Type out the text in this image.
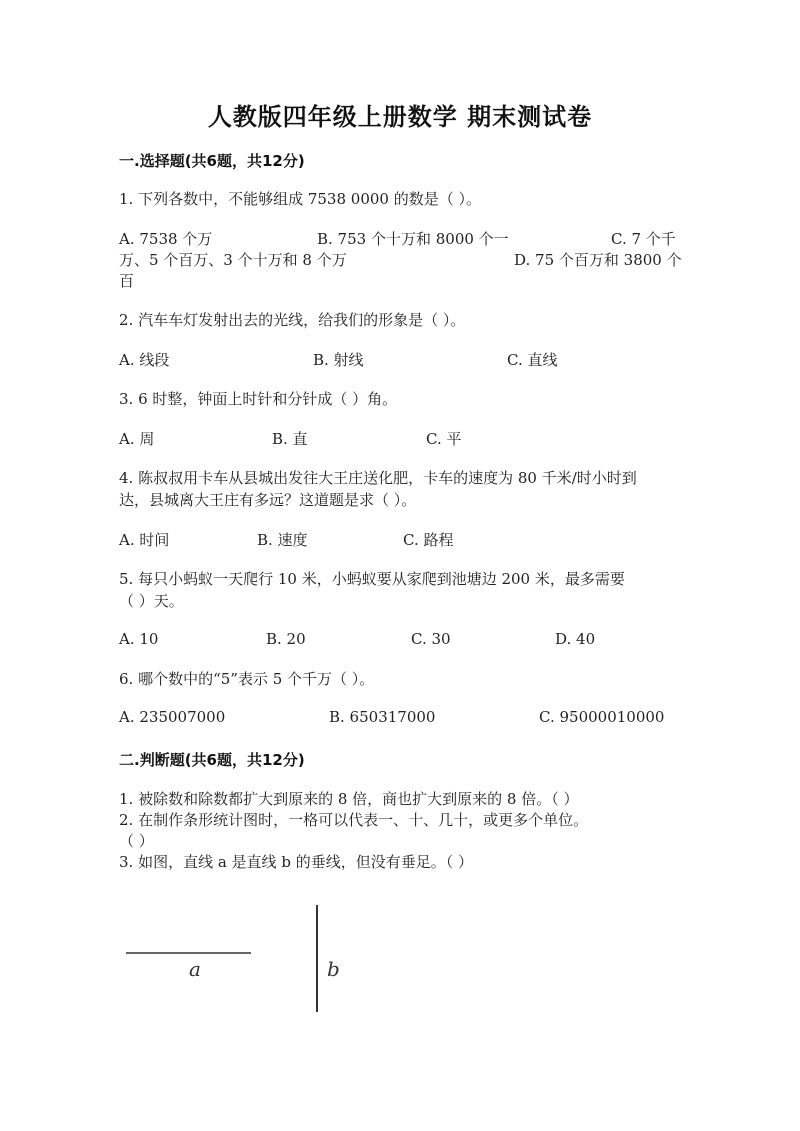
人教版四年级上册数学 期末测试卷
一.选择题(共6题，共12分)
1. 下列各数中，不能够组成 7538 0000 的数是（ ）。
A. 7538 个万	B. 753 个十万和 8000 个一	C. 7 个千
万、5 个百万、3 个十万和 8 个万	D. 75 个百万和 3800 个
百
2. 汽车车灯发射出去的光线，给我们的形象是（ ）。
A. 线段	B. 射线	C. 直线
3. 6 时整，钟面上时针和分针成（ ）角。
A. 周	B. 直	C. 平
4. 陈叔叔用卡车从县城出发往大王庄送化肥，卡车的速度为 80 千米/时小时到
达，县城离大王庄有多远？这道题是求（ ）。
A. 时间	B. 速度	C. 路程
5. 每只小蚂蚁一天爬行 10 米，小蚂蚁要从家爬到池塘边 200 米，最多需要
（ ）天。
A. 10	B. 20	C. 30	D. 40
6. 哪个数中的“5”表示 5 个千万（ ）。
A. 235007000	B. 650317000	C. 95000010000
二.判断题(共6题，共12分)
1. 被除数和除数都扩大到原来的 8 倍，商也扩大到原来的 8 倍。（ ）
2. 在制作条形统计图时，一格可以代表一、十、几十，或更多个单位。
（ ）
3. 如图，直线 a 是直线 b 的垂线，但没有垂足。（ ）
a	b
